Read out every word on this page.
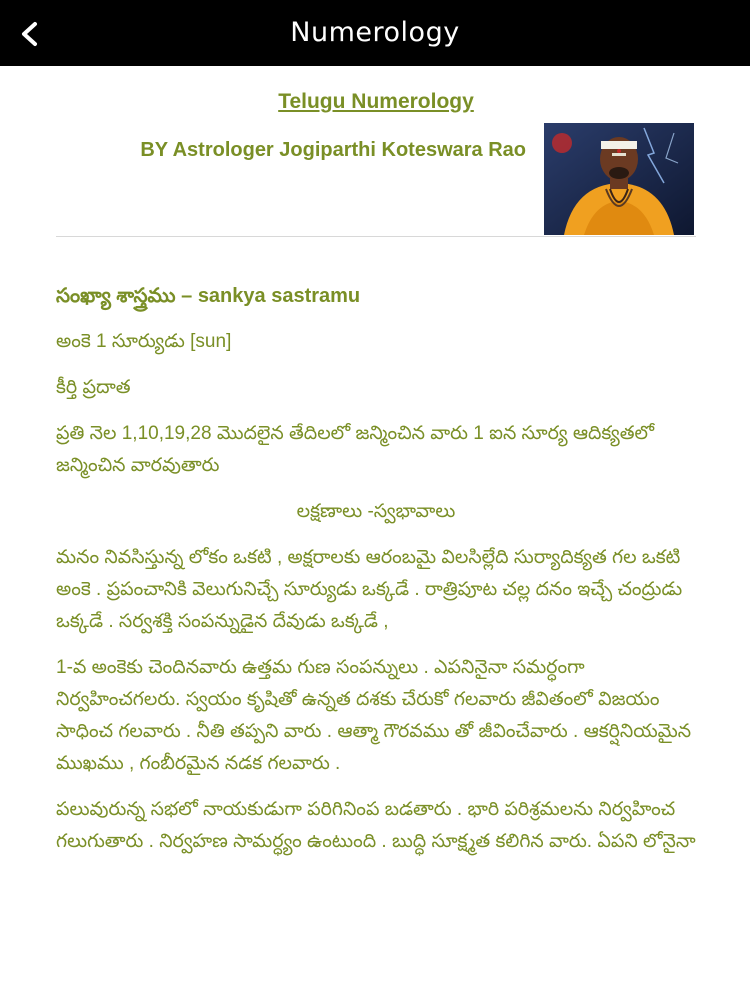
Numerology
Telugu Numerology
BY Astrologer Jogiparthi Koteswara Rao
సంఖ్యా శాస్త్రము – sankya sastramu
అంకె 1 సూర్యుడు [sun]
కీర్తి ప్రదాత
ప్రతి నెల 1,10,19,28 మొదలైన తేదిలలో జన్మించిన వారు 1 ఐన సూర్య ఆదిక్యతలో జన్మించిన వారవుతారు
లక్షణాలు -స్వభావాలు
మనం నివసిస్తున్న లోకం ఒకటి , అక్షరాలకు ఆరంబమై విలసిల్లేది సుర్యాదిక్యత గల ఒకటి అంకె . ప్రపంచానికి వెలుగునిచ్చే సూర్యుడు ఒక్కడే . రాత్రిపూట చల్ల దనం ఇచ్చే చంద్రుడు ఒక్కడే . సర్వశక్తి సంపన్నుడైన దేవుడు ఒక్కడే ,
1-వ అంకెకు చెందినవారు ఉత్తమ గుణ సంపన్నులు . ఎపనినైనా సమర్ధంగా నిర్వహించగలరు. స్వయం కృషితో ఉన్నత దశకు చేరుకో గలవారు జీవితంలో విజయం సాధించ గలవారు . నీతి తప్పని వారు . ఆత్మా గౌరవము తో జీవించేవారు . ఆకర్షినియమైన ముఖము , గంబీరమైన నడక గలవారు .
పలువురున్న సభలో నాయకుడుగా పరిగినింప బడతారు . భారి పరిశ్రమలను నిర్వహించ గలుగుతారు . నిర్వహణ సామర్ధ్యం ఉంటుంది . బుద్ధి సూక్ష్మత కలిగిన వారు. ఏపని లోనైనా
